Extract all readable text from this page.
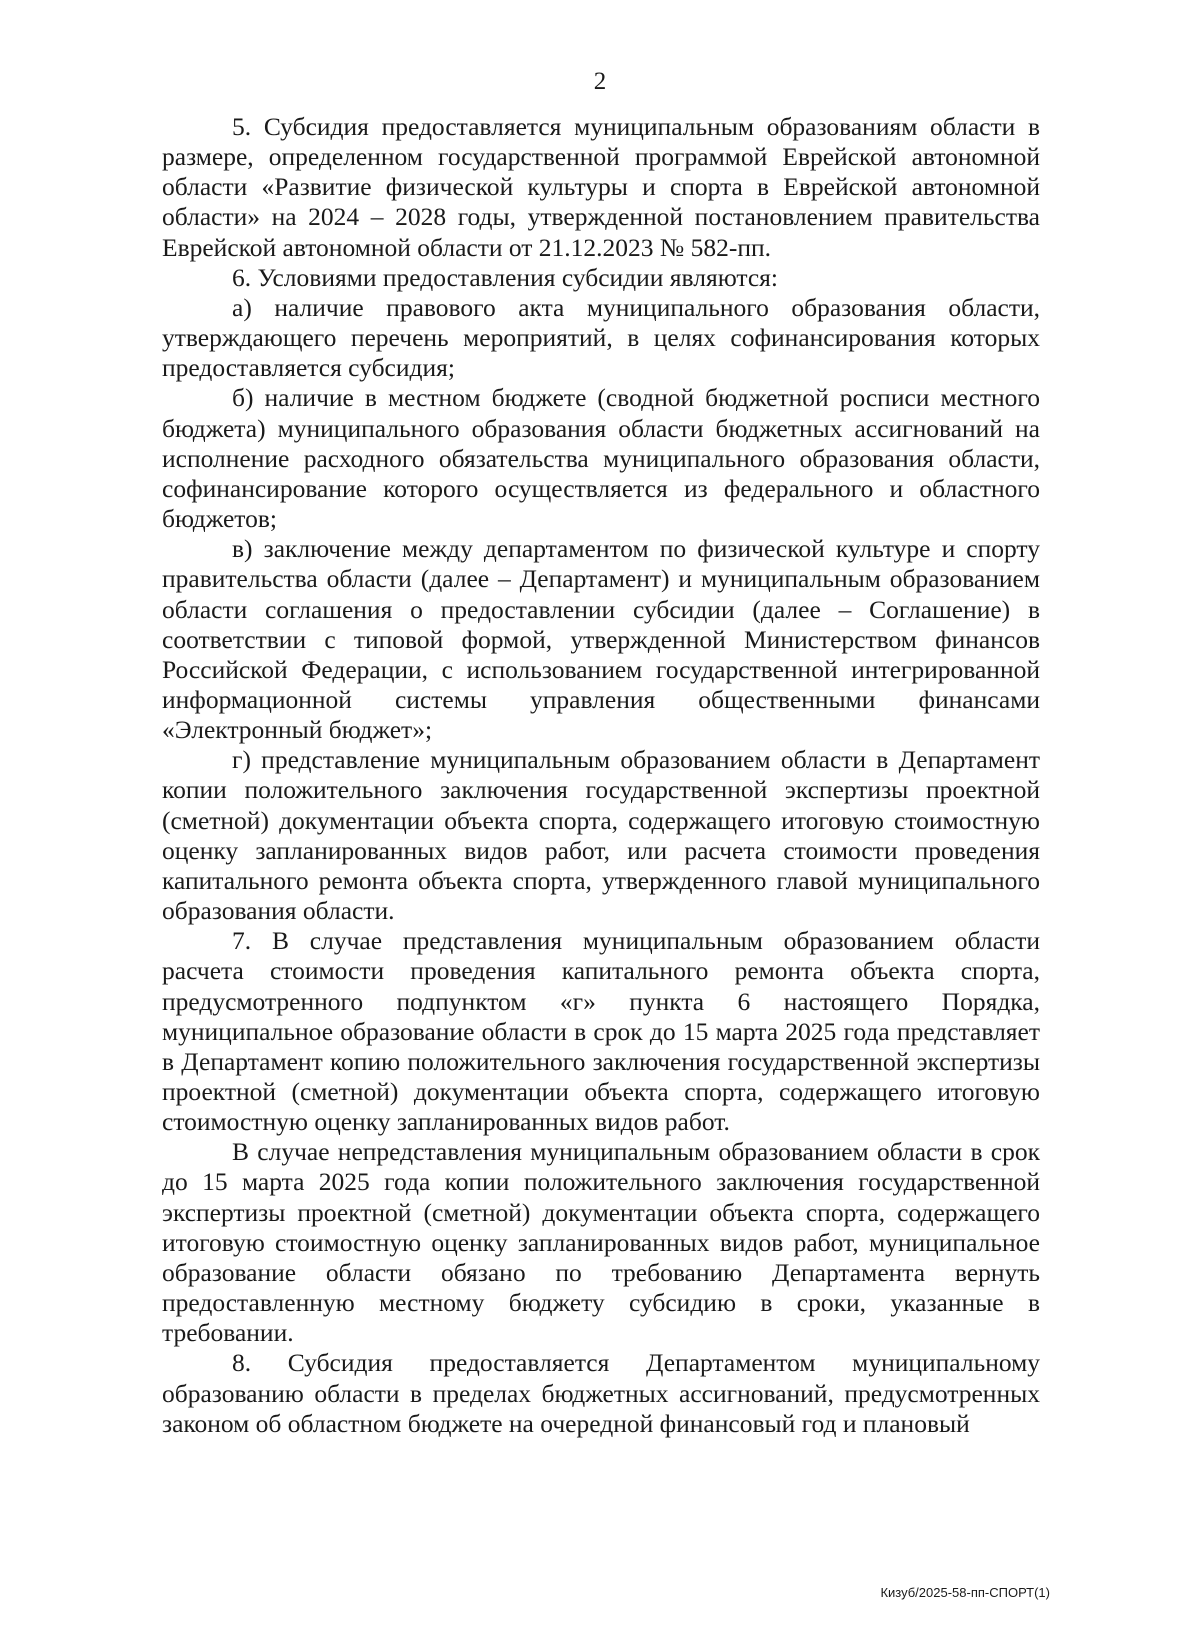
2

5. Субсидия предоставляется муниципальным образованиям области в размере, определенном государственной программой Еврейской автономной области «Развитие физической культуры и спорта в Еврейской автономной области» на 2024 – 2028 годы, утвержденной постановлением правительства Еврейской автономной области от 21.12.2023 № 582-пп.

6. Условиями предоставления субсидии являются:

а) наличие правового акта муниципального образования области, утверждающего перечень мероприятий, в целях софинансирования которых предоставляется субсидия;

б) наличие в местном бюджете (сводной бюджетной росписи местного бюджета) муниципального образования области бюджетных ассигнований на исполнение расходного обязательства муниципального образования области, софинансирование которого осуществляется из федерального и областного бюджетов;

в) заключение между департаментом по физической культуре и спорту правительства области (далее – Департамент) и муниципальным образованием области соглашения о предоставлении субсидии (далее – Соглашение) в соответствии с типовой формой, утвержденной Министерством финансов Российской Федерации, с использованием государственной интегрированной информационной системы управления общественными финансами «Электронный бюджет»;

г) представление муниципальным образованием области в Департамент копии положительного заключения государственной экспертизы проектной (сметной) документации объекта спорта, содержащего итоговую стоимостную оценку запланированных видов работ, или расчета стоимости проведения капитального ремонта объекта спорта, утвержденного главой муниципального образования области.

7. В случае представления муниципальным образованием области расчета стоимости проведения капитального ремонта объекта спорта, предусмотренного подпунктом «г» пункта 6 настоящего Порядка, муниципальное образование области в срок до 15 марта 2025 года представляет в Департамент копию положительного заключения государственной экспертизы проектной (сметной) документации объекта спорта, содержащего итоговую стоимостную оценку запланированных видов работ.

В случае непредставления муниципальным образованием области в срок до 15 марта 2025 года копии положительного заключения государственной экспертизы проектной (сметной) документации объекта спорта, содержащего итоговую стоимостную оценку запланированных видов работ, муниципальное образование области обязано по требованию Департамента вернуть предоставленную местному бюджету субсидию в сроки, указанные в требовании.

8. Субсидия предоставляется Департаментом муниципальному образованию области в пределах бюджетных ассигнований, предусмотренных законом об областном бюджете на очередной финансовый год и плановый

Кизуб/2025-58-пп-СПОРТ(1)
